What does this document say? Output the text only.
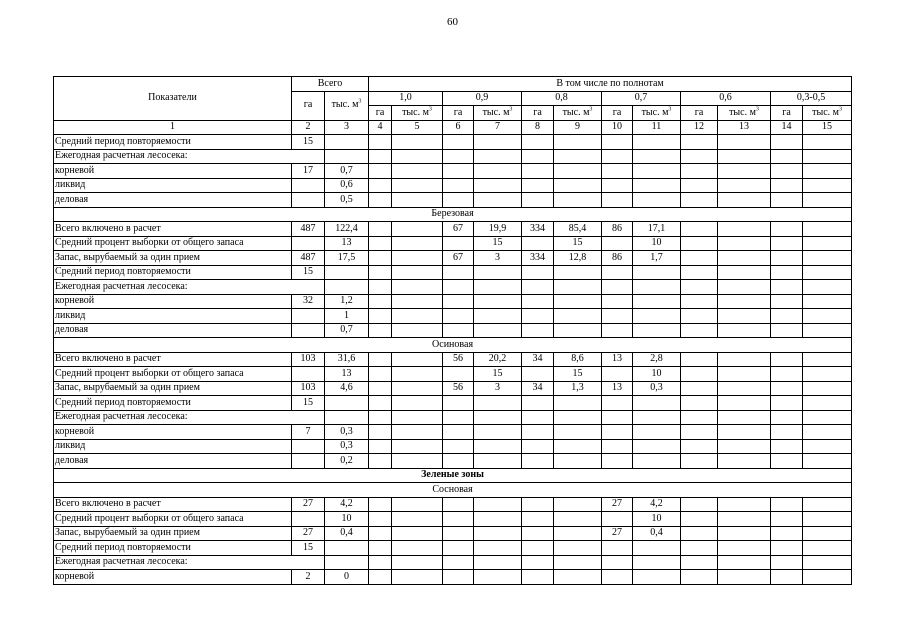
60
Показатели	Всего		В том числе по полнотам											
	га	тыс. $м^3$	1,0		0,9		0,8		0,7		0,6		0,3-0,5	
			га	тыс. $м^3$	га	тыс. $м^3$	га	тыс. $м^3$	га	тыс. $м^3$	га	тыс. $м^3$	га	тыс. $м^3$
1	2	3	4	5	6	7	8	9	10	11	12	13	14	15
Средний период повторяемости	15													
Ежегодная расчетная лесосека:														
корневой	17	0,7												
ликвид		0,6												
деловая		0,5												
Березовая														
Всего включено в расчет	487	122,4			67	19,9	334	85,4	86	17,1				
Средний процент выборки от общего запаса		13				15		15		10				
Запас, вырубаемый за один прием	487	17,5			67	3	334	12,8	86	1,7				
Средний период повторяемости	15													
Ежегодная расчетная лесосека:														
корневой	32	1,2												
ликвид		1												
деловая		0,7												
Осиновая														
Всего включено в расчет	103	31,6			56	20,2	34	8,6	13	2,8				
Средний процент выборки от общего запаса		13				15		15		10				
Запас, вырубаемый за один прием	103	4,6			56	3	34	1,3	13	0,3				
Средний период повторяемости	15													
Ежегодная расчетная лесосека:														
корневой	7	0,3												
ликвид		0,3												
деловая		0,2												
Зеленые зоны														
Сосновая														
Всего включено в расчет	27	4,2							27	4,2				
Средний процент выборки от общего запаса		10								10				
Запас, вырубаемый за один прием	27	0,4							27	0,4				
Средний период повторяемости	15													
Ежегодная расчетная лесосека:														
корневой	2	0												
